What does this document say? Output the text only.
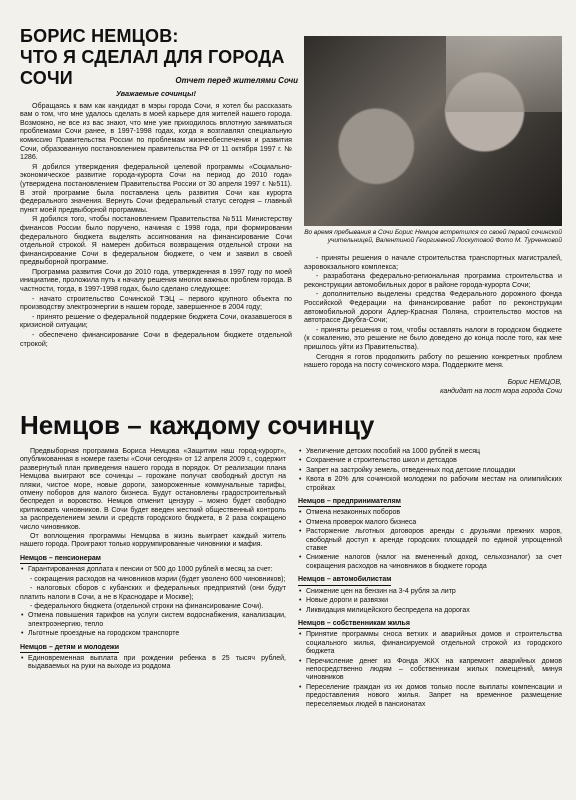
БОРИС НЕМЦОВ:
ЧТО Я СДЕЛАЛ ДЛЯ ГОРОДА СОЧИ	Отчет перед жителями Сочи
Во время пребывания в Сочи Борис Немцов встретился со своей первой сочинской учительницей, Валентиной Георгиевной Лоскутовой Фото М. Турченковой

Уважаемые сочинцы!

Обращаясь к вам как кандидат в мэры города Сочи, я хотел бы рассказать вам о том, что мне удалось сделать в моей карьере для жителей нашего города. Возможно, не все из вас знают, что мне уже приходилось вплотную заниматься проблемами Сочи ранее, в 1997-1998 годах, когда я возглавлял специальную комиссию Правительства России по проблемам жизнеобеспечения и развития Сочи, образованную постановлением правительства РФ от 11 октября 1997 г. № 1286.

Я добился утверждения федеральной целевой программы «Социально-экономическое развитие города-курорта Сочи на период до 2010 года» (утверждена постановлением Правительства России от 30 апреля 1997 г. №511). В этой программе была поставлена цель развития Сочи как курорта федерального значения. Вернуть Сочи федеральный статус сегодня – главный пункт моей предвыборной программы.

Я добился того, чтобы постановлением Правительства №511 Министерству финансов России было поручено, начиная с 1998 года, при формировании федерального бюджета выделять ассигнования на финансирование Сочи отдельной строкой. Я намерен добиться возвращения отдельной строки на финансирование Сочи в федеральном бюджете, о чем и заявил в своей предвыборной программе.

Программа развития Сочи до 2010 года, утвержденная в 1997 году по моей инициативе, проложила путь к началу решения многих важных проблем города. В частности, тогда, в 1997-1998 годах, было сделано следующее:

- начато строительство Сочинской ТЭЦ – первого крупного объекта по производству электроэнергии в нашем городе, завершенное в 2004 году;

- принято решение о федеральной поддержке бюджета Сочи, оказавшегося в кризисной ситуации;

- обеспечено финансирование Сочи в федеральном бюджете отдельной строкой;

- приняты решения о начале строительства транспортных магистралей, аэровокзального комплекса;

- разработана федерально-региональная программа строительства и реконструкции автомобильных дорог в районе города-курорта Сочи;

- дополнительно выделены средства Федерального дорожного фонда Российской Федерации на финансирование работ по реконструкции автомобильной дороги Адлер-Красная Поляна, строительство мостов на автотрассе Джубга-Сочи;

- приняты решения о том, чтобы оставлять налоги в городском бюджете (к сожалению, это решение не было доведено до конца после того, как мне пришлось уйти из Правительства).

Сегодня я готов продолжить работу по решению конкретных проблем нашего города на посту сочинского мэра. Поддержите меня.

Борис НЕМЦОВ,
кандидат на пост мэра города Сочи
Немцов – каждому сочинцу

Предвыборная программа Бориса Немцова «Защитим наш город-курорт», опубликованная в номере газеты «Сочи сегодня» от 12 апреля 2009 г., содержит развернутый план приведения нашего города в порядок. От реализации плана Немцова выиграют все сочинцы – горожане получат свободный доступ на пляжи, чистое море, новые дороги, замороженные коммунальные тарифы, отмену поборов для малого бизнеса. Будут остановлены градостроительный беспредел и воровство. Немцов отменит цензуру – можно будет свободно критиковать чиновников. В Сочи будет введен жесткий общественный контроль за распределением земли и средств городского бюджета, в 2 раза сокращено число чиновников.

От воплощения программы Немцова в жизнь выиграет каждый житель нашего города. Проиграют только коррумпированные чиновники и мафия.

Немцов – пенсионерам

• Гарантированная доплата к пенсии от 500 до 1000 рублей в месяц за счет:

- сокращения расходов на чиновников мэрии (будет уволено 600 чиновников);

- налоговых сборов с кубанских и федеральных предприятий (они будут платить налоги в Сочи, а не в Краснодаре и Москве);

- федерального бюджета (отдельной строки на финансирование Сочи).

• Отмена повышения тарифов на услуги систем водоснабжения, канализации, электроэнергию, тепло

• Льготные проездные на городском транспорте

Немцов – детям и молодежи

• Единовременная выплата при рождении ребенка в 25 тысяч рублей, выдаваемых на руки на выходе из роддома

• Увеличение детских пособий на 1000 рублей в месяц

• Сохранение и строительство школ и детсадов

• Запрет на застройку земель, отведенных под детские площадки

• Квота в 20% для сочинской молодежи по рабочим местам на олимпийских стройках

Немцов – предпринимателям

• Отмена незаконных поборов

• Отмена проверок малого бизнеса

• Расторжение льготных договоров аренды с друзьями прежних мэров, свободный доступ к аренде городских площадей по единой упрощенной ставке

• Снижение налогов (налог на вмененный доход, сельхозналог) за счет сокращения расходов на чиновников в бюджете города

Немцов – автомобилистам

• Снижение цен на бензин на 3-4 рубля за литр

• Новые дороги и развязки

• Ликвидация милицейского беспредела на дорогах

Немцов – собственникам жилья

• Принятие программы сноса ветхих и аварийных домов и строительства социального жилья, финансируемой отдельной строкой из городского бюджета

• Перечисление денег из Фонда ЖКХ на капремонт аварийных домов непосредственно людям – собственникам жилых помещений, минуя чиновников

• Переселение граждан из их домов только после выплаты компенсации и предоставления нового жилья. Запрет на временное размещение переселяемых людей в пансионатах
